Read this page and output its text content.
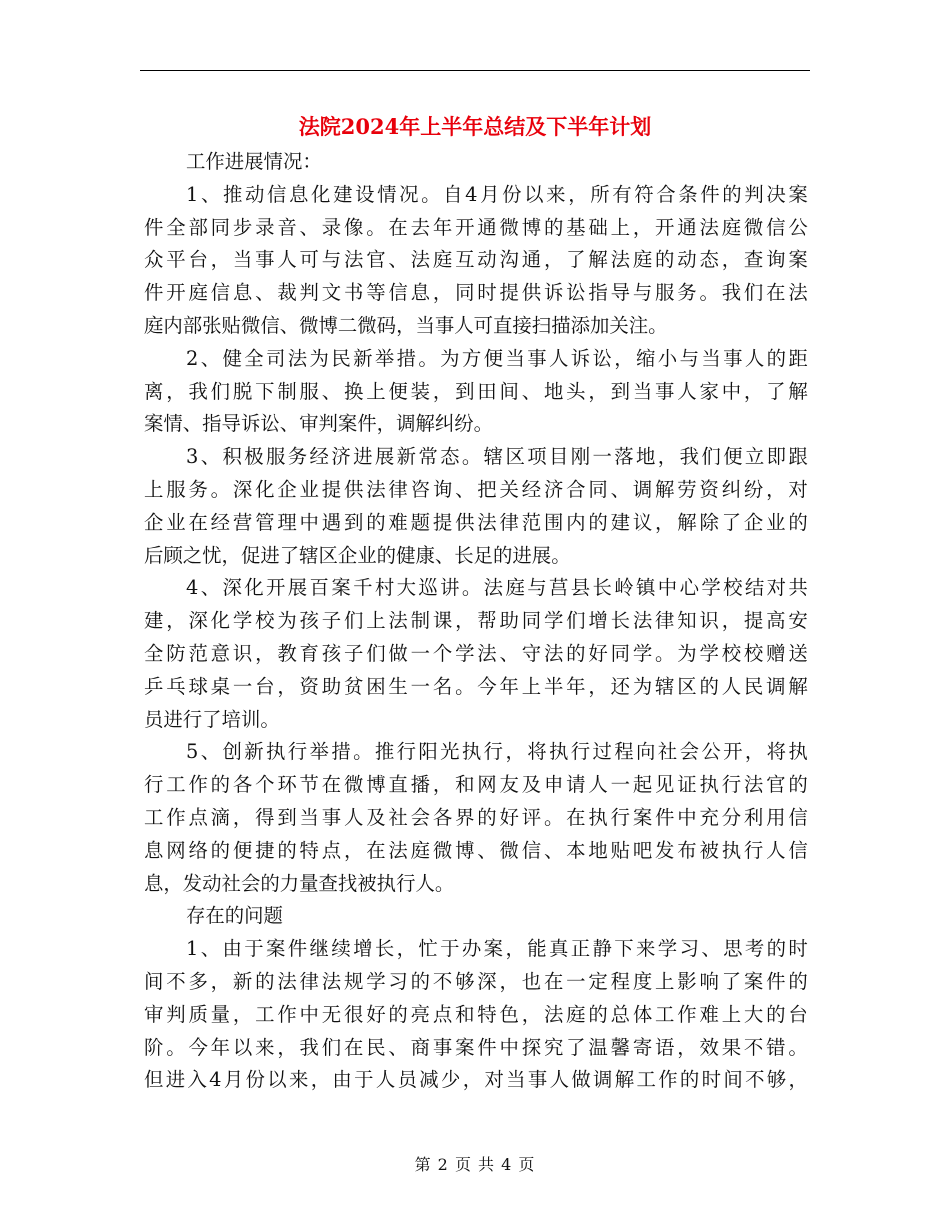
法院2024年上半年总结及下半年计划
工作进展情况：
1 、 推 动 信 息 化 建 设 情 况 。 自 4 月 份 以 来 ， 所 有 符 合 条 件 的 判 决 案
件 全 部 同 步 录 音 、 录 像 。 在 去 年 开 通 微 博 的 基 础 上 ， 开 通 法 庭 微 信 公
众 平 台 ， 当 事 人 可 与 法 官 、 法 庭 互 动 沟 通 ， 了 解 法 庭 的 动 态 ， 查 询 案
件 开 庭 信 息 、 裁 判 文 书 等 信 息 ， 同 时 提 供 诉 讼 指 导 与 服 务 。 我 们 在 法
庭内部张贴微信、微博二微码，当事人可直接扫描添加关注。
2 、 健 全 司 法 为 民 新 举 措 。 为 方 便 当 事 人 诉 讼 ， 缩 小 与 当 事 人 的 距
离 ， 我 们 脱 下 制 服 、 换 上 便 装 ， 到 田 间 、 地 头 ， 到 当 事 人 家 中 ， 了 解
案情、指导诉讼、审判案件，调解纠纷。
3 、 积 极 服 务 经 济 进 展 新 常 态 。 辖 区 项 目 刚 一 落 地 ， 我 们 便 立 即 跟
上 服 务 。 深 化 企 业 提 供 法 律 咨 询 、 把 关 经 济 合 同 、 调 解 劳 资 纠 纷 ， 对
企 业 在 经 营 管 理 中 遇 到 的 难 题 提 供 法 律 范 围 内 的 建 议 ， 解 除 了 企 业 的
后顾之忧，促进了辖区企业的健康、长足的进展。
4 、 深 化 开 展 百 案 千 村 大 巡 讲 。 法 庭 与 莒 县 长 岭 镇 中 心 学 校 结 对 共
建 ， 深 化 学 校 为 孩 子 们 上 法 制 课 ， 帮 助 同 学 们 增 长 法 律 知 识 ， 提 高 安
全 防 范 意 识 ， 教 育 孩 子 们 做 一 个 学 法 、 守 法 的 好 同 学 。 为 学 校 校 赠 送
乒 乓 球 桌 一 台 ， 资 助 贫 困 生 一 名 。 今 年 上 半 年 ， 还 为 辖 区 的 人 民 调 解
员进行了培训。
5 、 创 新 执 行 举 措 。 推 行 阳 光 执 行 ， 将 执 行 过 程 向 社 会 公 开 ， 将 执
行 工 作 的 各 个 环 节 在 微 博 直 播 ， 和 网 友 及 申 请 人 一 起 见 证 执 行 法 官 的
工 作 点 滴 ， 得 到 当 事 人 及 社 会 各 界 的 好 评 。 在 执 行 案 件 中 充 分 利 用 信
息 网 络 的 便 捷 的 特 点 ， 在 法 庭 微 博 、 微 信 、 本 地 贴 吧 发 布 被 执 行 人 信
息，发动社会的力量查找被执行人。
存在的问题
1 、 由 于 案 件 继 续 增 长 ， 忙 于 办 案 ， 能 真 正 静 下 来 学 习 、 思 考 的 时
间 不 多 ， 新 的 法 律 法 规 学 习 的 不 够 深 ， 也 在 一 定 程 度 上 影 响 了 案 件 的
审 判 质 量 ， 工 作 中 无 很 好 的 亮 点 和 特 色 ， 法 庭 的 总 体 工 作 难 上 大 的 台
阶 。 今 年 以 来 ， 我 们 在 民 、 商 事 案 件 中 探 究 了 温 馨 寄 语 ， 效 果 不 错 。
但 进 入 4 月 份 以 来 ， 由 于 人 员 减 少 ， 对 当 事 人 做 调 解 工 作 的 时 间 不 够 ，
第 2 页 共 4 页
